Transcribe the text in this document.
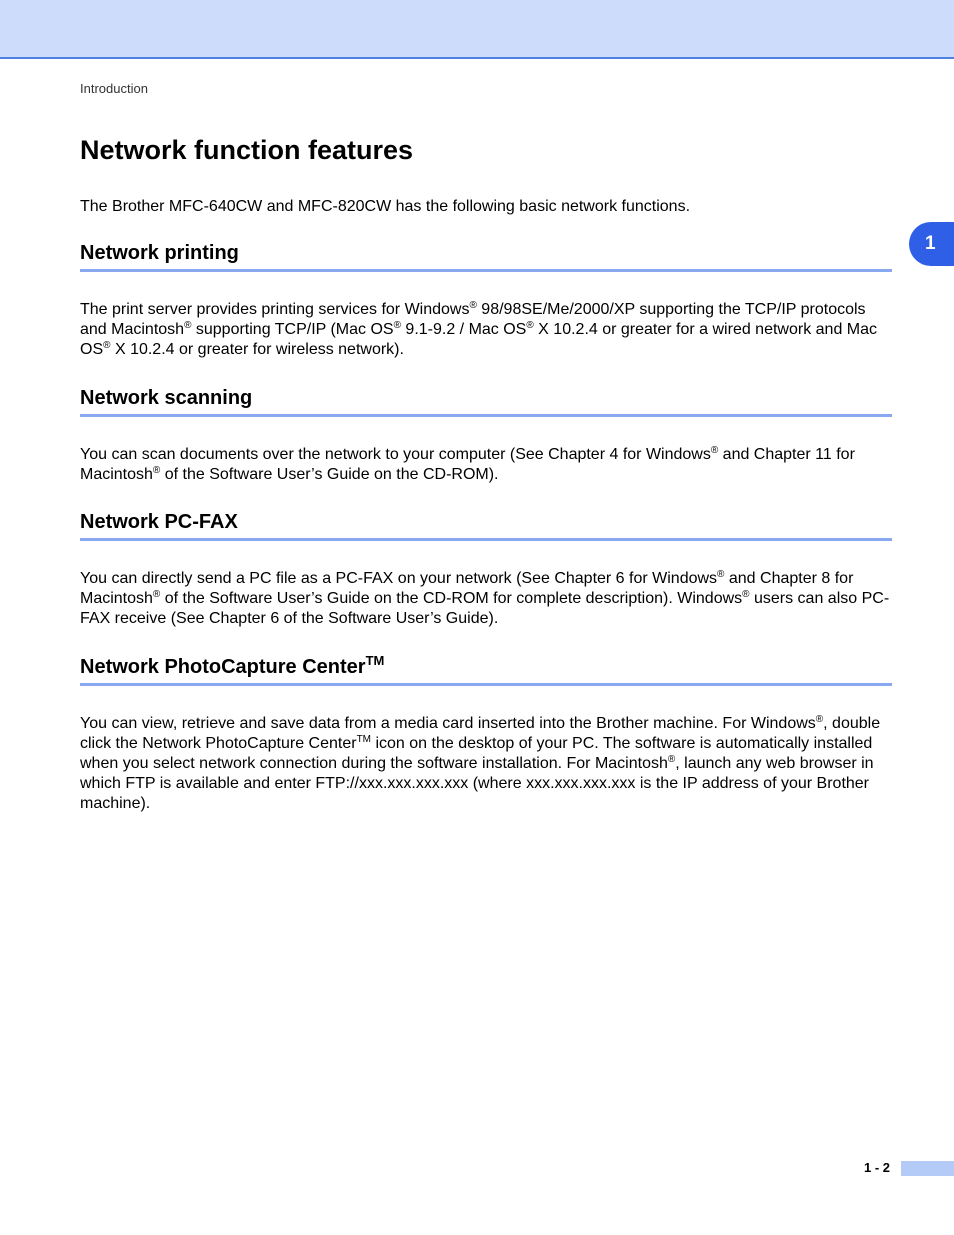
Introduction
Network function features

The Brother MFC-640CW and MFC-820CW has the following basic network functions.

1
Network printing

The print server provides printing services for Windows® 98/98SE/Me/2000/XP supporting the TCP/IP protocols and Macintosh® supporting TCP/IP (Mac OS® 9.1-9.2 / Mac OS® X 10.2.4 or greater for a wired network and Mac OS® X 10.2.4 or greater for wireless network).

Network scanning

You can scan documents over the network to your computer (See Chapter 4 for Windows® and Chapter 11 for Macintosh® of the Software User’s Guide on the CD-ROM).

Network PC-FAX

You can directly send a PC file as a PC-FAX on your network (See Chapter 6 for Windows® and Chapter 8 for Macintosh® of the Software User’s Guide on the CD-ROM for complete description). Windows® users can also PC-FAX receive (See Chapter 6 of the Software User’s Guide).

Network PhotoCapture Center™

You can view, retrieve and save data from a media card inserted into the Brother machine. For Windows®, double click the Network PhotoCapture Center™ icon on the desktop of your PC. The software is automatically installed when you select network connection during the software installation. For Macintosh®, launch any web browser in which FTP is available and enter FTP://xxx.xxx.xxx.xxx (where xxx.xxx.xxx.xxx is the IP address of your Brother machine).

1 - 2
